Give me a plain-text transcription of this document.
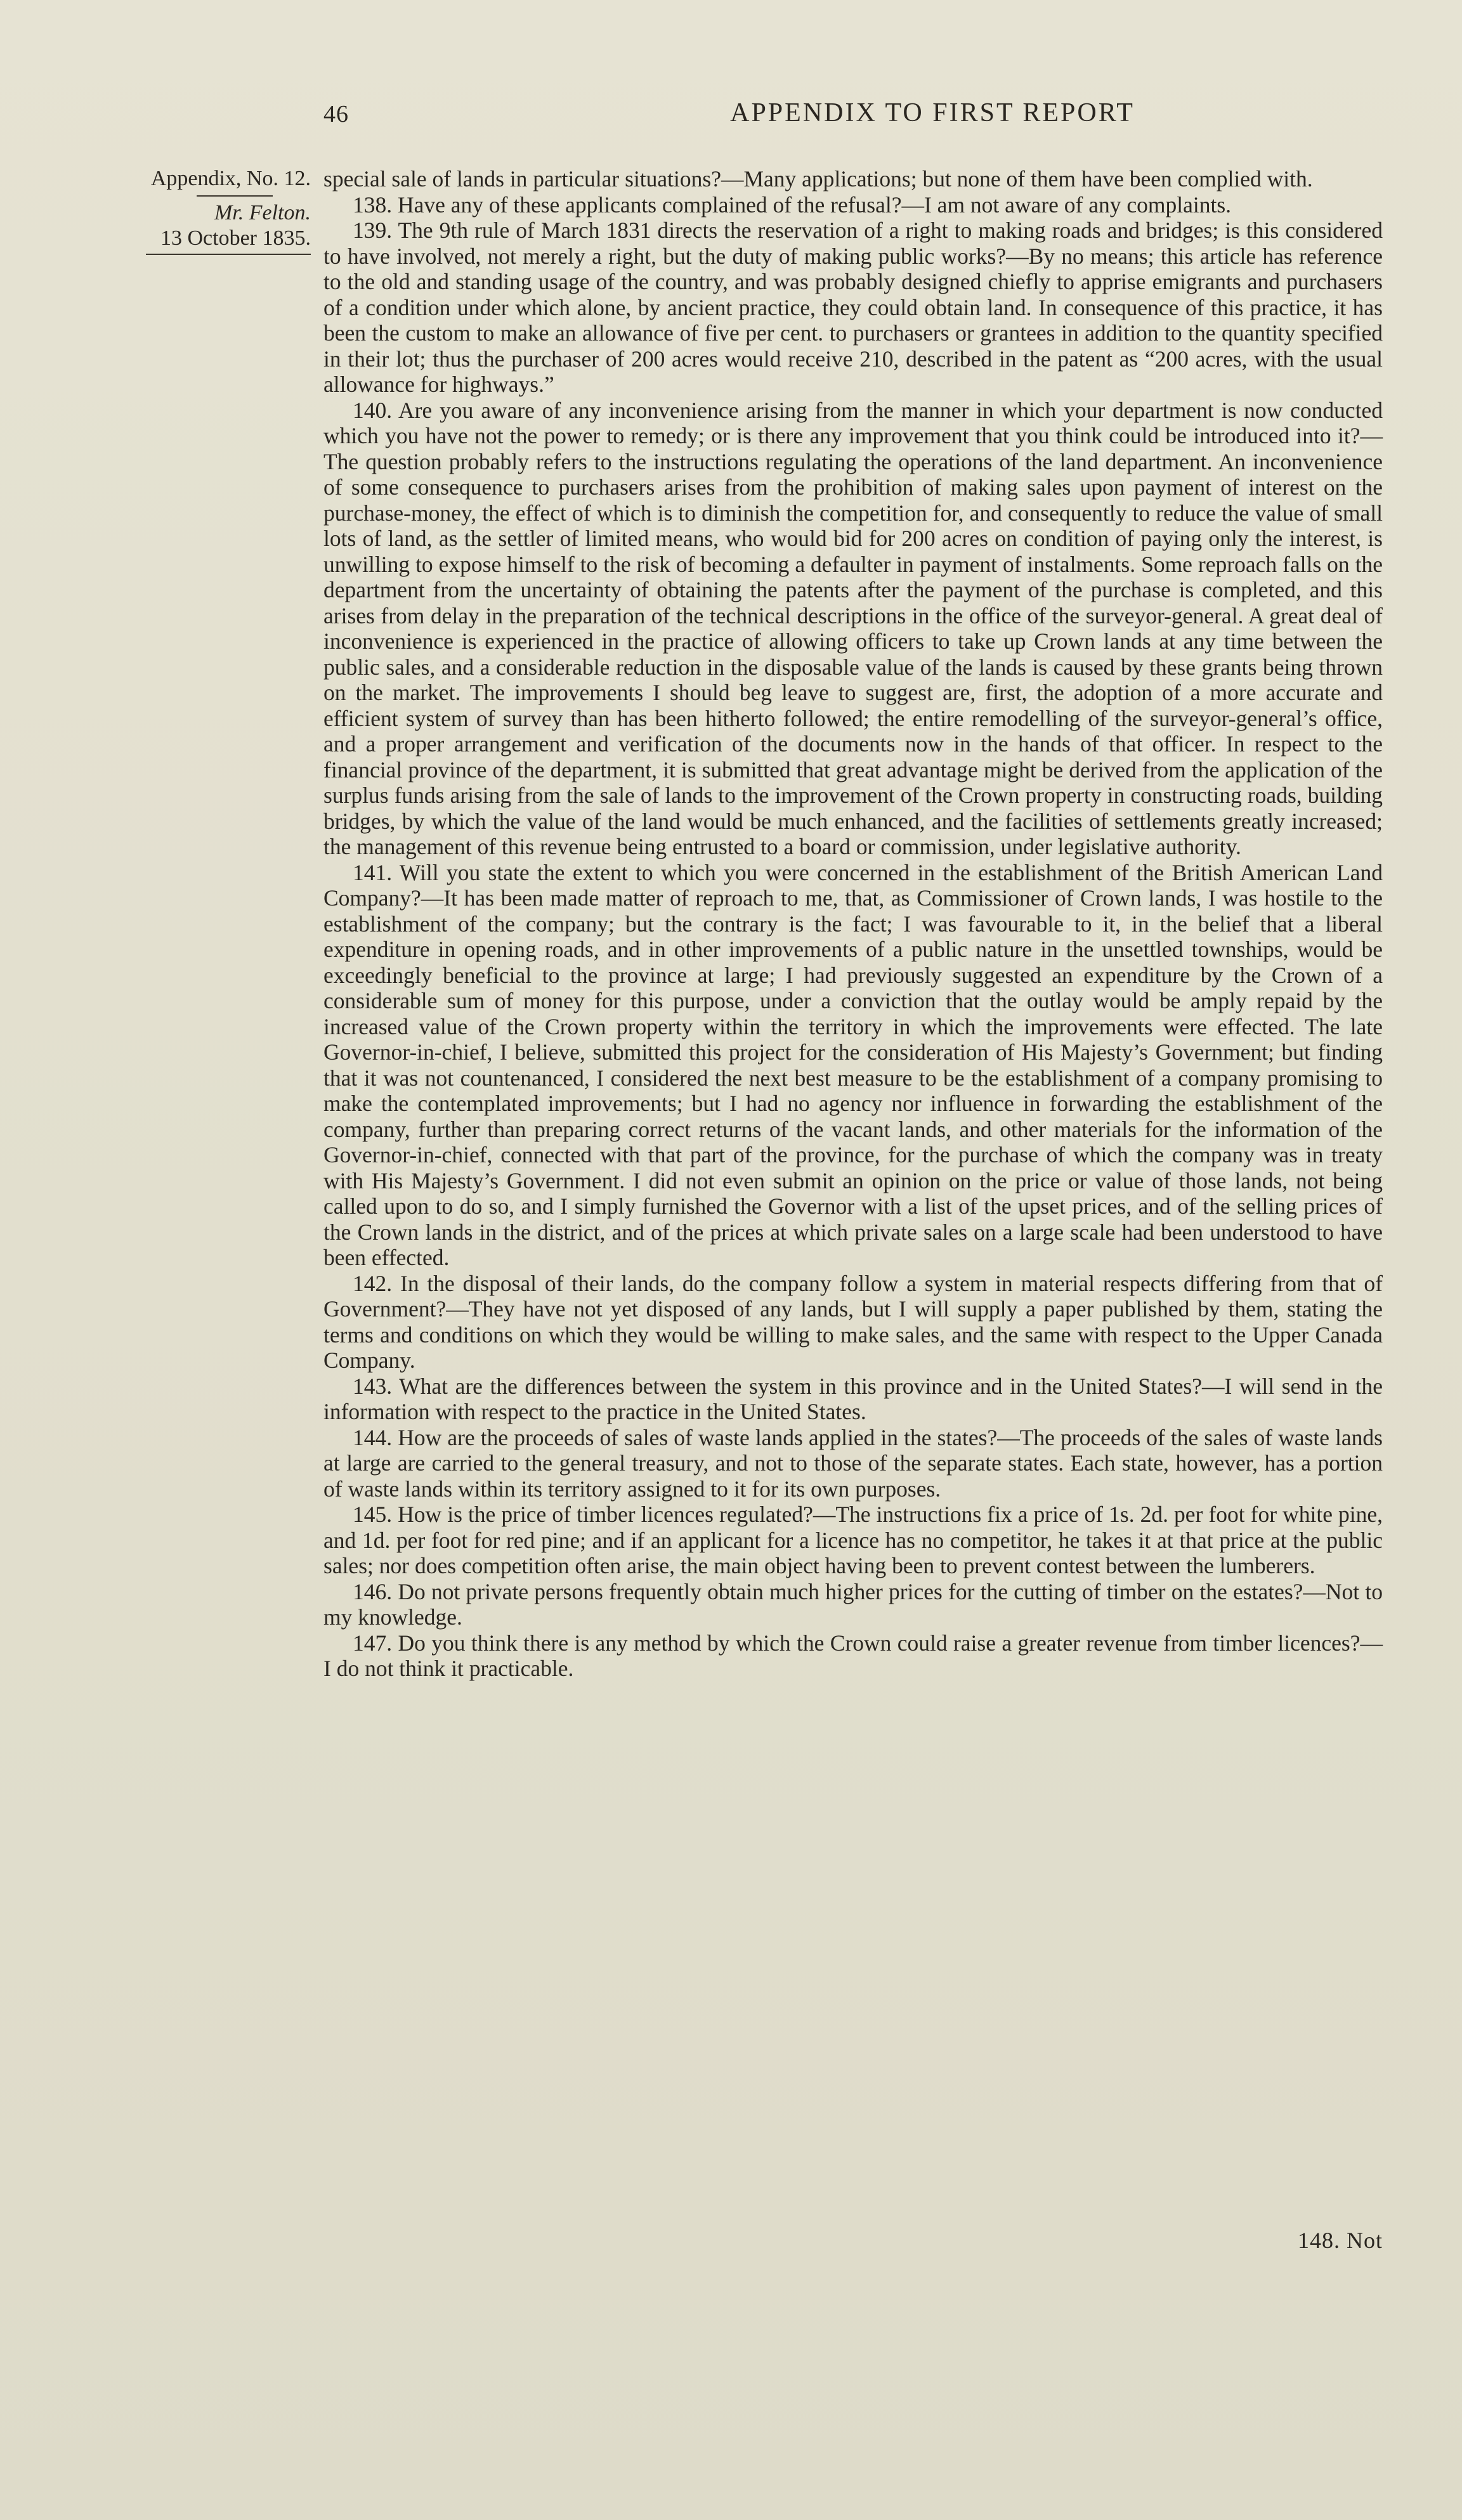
46	APPENDIX TO FIRST REPORT
Appendix, No. 12.
Mr. Felton.
13 October 1835.

special sale of lands in particular situations?—Many applications; but none of them have been complied with.

138. Have any of these applicants complained of the refusal?—I am not aware of any complaints.

139. The 9th rule of March 1831 directs the reservation of a right to making roads and bridges; is this considered to have involved, not merely a right, but the duty of making public works?—By no means; this article has reference to the old and standing usage of the country, and was probably designed chiefly to apprise emigrants and purchasers of a condition under which alone, by ancient practice, they could obtain land. In consequence of this practice, it has been the custom to make an allowance of five per cent. to purchasers or grantees in addition to the quantity specified in their lot; thus the purchaser of 200 acres would receive 210, described in the patent as “200 acres, with the usual allowance for highways.”

140. Are you aware of any inconvenience arising from the manner in which your department is now conducted which you have not the power to remedy; or is there any improvement that you think could be introduced into it?—The question probably refers to the instructions regulating the operations of the land department. An inconvenience of some consequence to purchasers arises from the prohibition of making sales upon payment of interest on the purchase-money, the effect of which is to diminish the competition for, and consequently to reduce the value of small lots of land, as the settler of limited means, who would bid for 200 acres on condition of paying only the interest, is unwilling to expose himself to the risk of becoming a defaulter in payment of instalments. Some reproach falls on the department from the uncertainty of obtaining the patents after the payment of the purchase is completed, and this arises from delay in the preparation of the technical descriptions in the office of the surveyor-general. A great deal of inconvenience is experienced in the practice of allowing officers to take up Crown lands at any time between the public sales, and a considerable reduction in the disposable value of the lands is caused by these grants being thrown on the market. The improvements I should beg leave to suggest are, first, the adoption of a more accurate and efficient system of survey than has been hitherto followed; the entire remodelling of the surveyor-general’s office, and a proper arrangement and verification of the documents now in the hands of that officer. In respect to the financial province of the department, it is submitted that great advantage might be derived from the application of the surplus funds arising from the sale of lands to the improvement of the Crown property in constructing roads, building bridges, by which the value of the land would be much enhanced, and the facilities of settlements greatly increased; the management of this revenue being entrusted to a board or commission, under legislative authority.

141. Will you state the extent to which you were concerned in the establishment of the British American Land Company?—It has been made matter of reproach to me, that, as Commissioner of Crown lands, I was hostile to the establishment of the company; but the contrary is the fact; I was favourable to it, in the belief that a liberal expenditure in opening roads, and in other improvements of a public nature in the unsettled townships, would be exceedingly beneficial to the province at large; I had previously suggested an expenditure by the Crown of a considerable sum of money for this purpose, under a conviction that the outlay would be amply repaid by the increased value of the Crown property within the territory in which the improvements were effected. The late Governor-in-chief, I believe, submitted this project for the consideration of His Majesty’s Government; but finding that it was not countenanced, I considered the next best measure to be the establishment of a company promising to make the contemplated improvements; but I had no agency nor influence in forwarding the establishment of the company, further than preparing correct returns of the vacant lands, and other materials for the information of the Governor-in-chief, connected with that part of the province, for the purchase of which the company was in treaty with His Majesty’s Government. I did not even submit an opinion on the price or value of those lands, not being called upon to do so, and I simply furnished the Governor with a list of the upset prices, and of the selling prices of the Crown lands in the district, and of the prices at which private sales on a large scale had been understood to have been effected.

142. In the disposal of their lands, do the company follow a system in material respects differing from that of Government?—They have not yet disposed of any lands, but I will supply a paper published by them, stating the terms and conditions on which they would be willing to make sales, and the same with respect to the Upper Canada Company.

143. What are the differences between the system in this province and in the United States?—I will send in the information with respect to the practice in the United States.

144. How are the proceeds of sales of waste lands applied in the states?—The proceeds of the sales of waste lands at large are carried to the general treasury, and not to those of the separate states. Each state, however, has a portion of waste lands within its territory assigned to it for its own purposes.

145. How is the price of timber licences regulated?—The instructions fix a price of 1s. 2d. per foot for white pine, and 1d. per foot for red pine; and if an applicant for a licence has no competitor, he takes it at that price at the public sales; nor does competition often arise, the main object having been to prevent contest between the lumberers.

146. Do not private persons frequently obtain much higher prices for the cutting of timber on the estates?—Not to my knowledge.

147. Do you think there is any method by which the Crown could raise a greater revenue from timber licences?—I do not think it practicable.

148. Not
